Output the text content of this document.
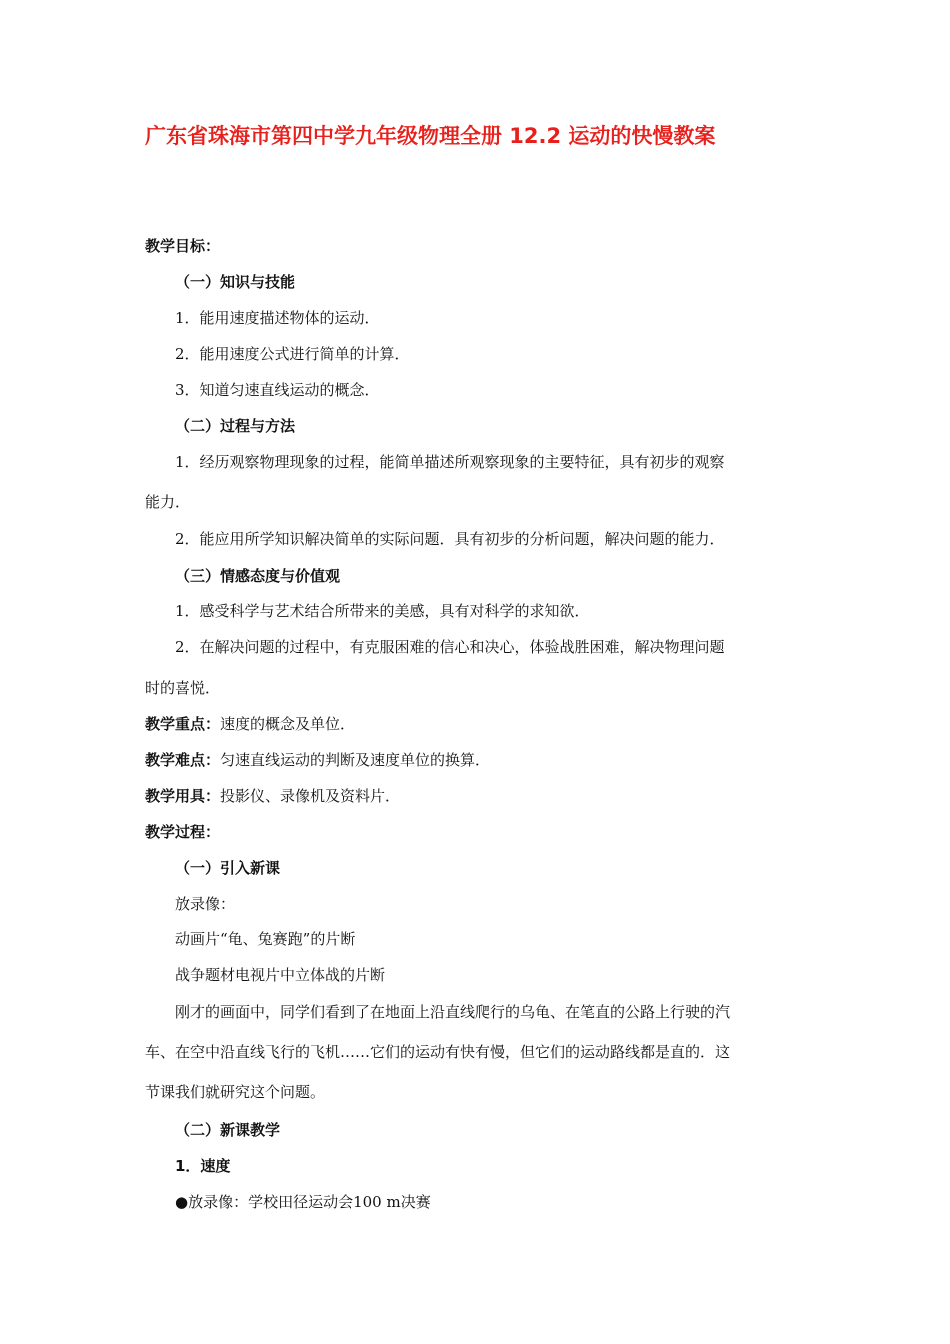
广东省珠海市第四中学九年级物理全册 12.2 运动的快慢教案
教学目标：
（一）知识与技能
1．能用速度描述物体的运动．
2．能用速度公式进行简单的计算．
3．知道匀速直线运动的概念．
（二）过程与方法
1．经历观察物理现象的过程，能简单描述所观察现象的主要特征，具有初步的观察
能力．
2．能应用所学知识解决简单的实际问题．具有初步的分析问题，解决问题的能力．
（三）情感态度与价值观
1．感受科学与艺术结合所带来的美感，具有对科学的求知欲．
2．在解决问题的过程中，有克服困难的信心和决心，体验战胜困难，解决物理问题
时的喜悦．
教学重点：速度的概念及单位．
教学难点：匀速直线运动的判断及速度单位的换算．
教学用具：投影仪、录像机及资料片．
教学过程：
（一）引入新课
放录像：
动画片“龟、兔赛跑”的片断
战争题材电视片中立体战的片断
刚才的画面中，同学们看到了在地面上沿直线爬行的乌龟、在笔直的公路上行驶的汽
车、在空中沿直线飞行的飞机……它们的运动有快有慢，但它们的运动路线都是直的．这
节课我们就研究这个问题。
（二）新课教学
1．速度
●放录像：学校田径运动会100 m决赛
